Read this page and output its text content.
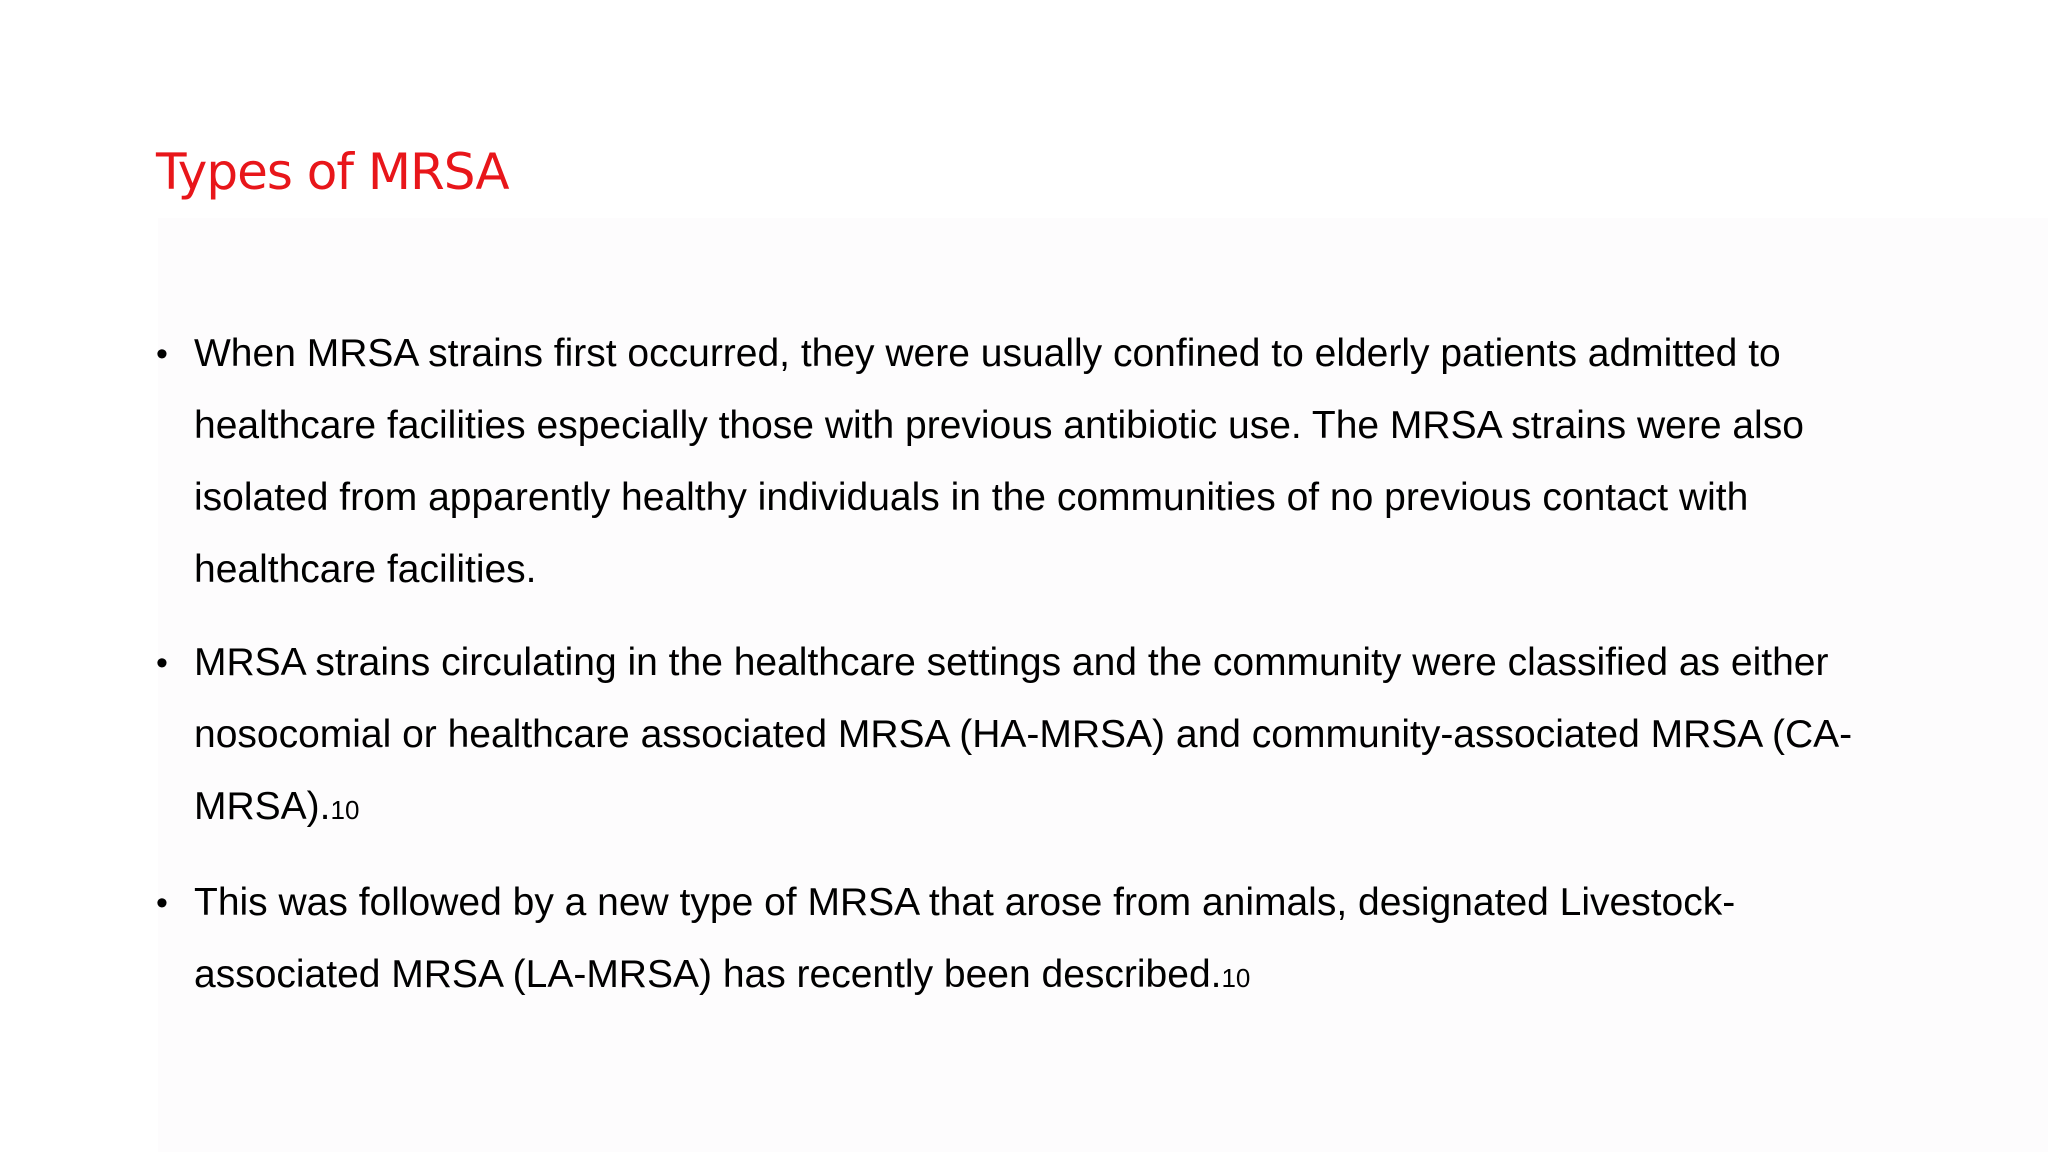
Types of MRSA
• When MRSA strains first occurred, they were usually confined to elderly patients admitted to healthcare facilities especially those with previous antibiotic use. The MRSA strains were also isolated from apparently healthy individuals in the communities of no previous contact with healthcare facilities.
• MRSA strains circulating in the healthcare settings and the community were classified as either nosocomial or healthcare associated MRSA (HA-MRSA) and community-associated MRSA (CA-MRSA).10
• This was followed by a new type of MRSA that arose from animals, designated Livestock-associated MRSA (LA-MRSA) has recently been described.10
